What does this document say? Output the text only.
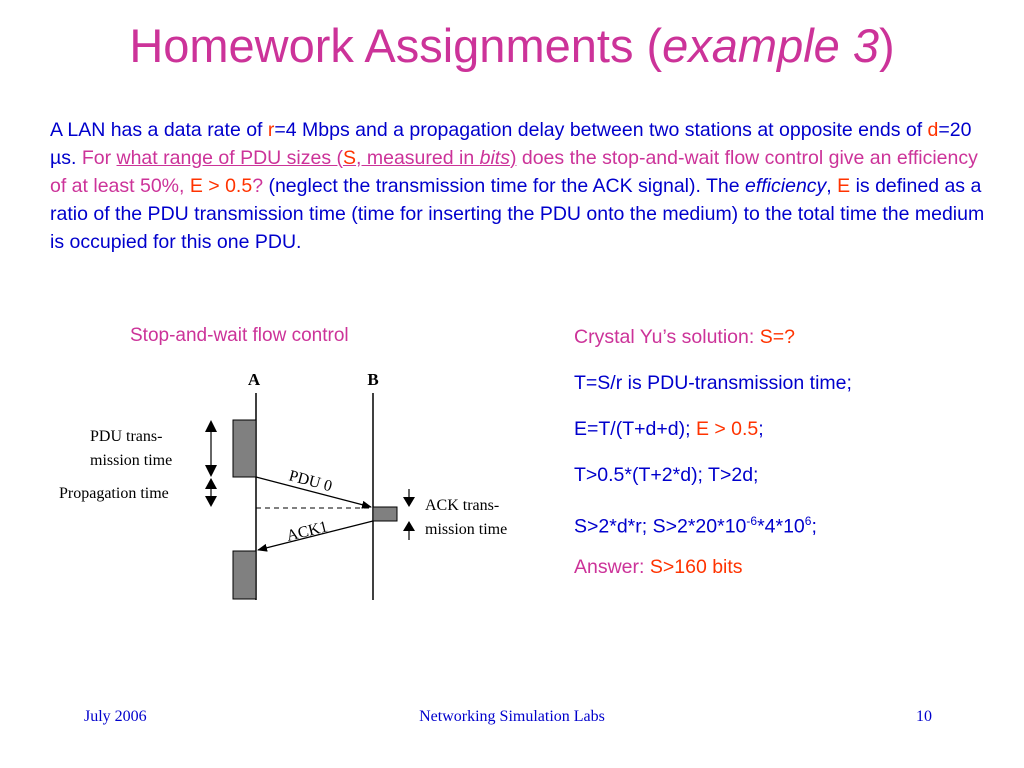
Homework Assignments (example 3)
A LAN has a data rate of r=4 Mbps and a propagation delay between two stations at opposite ends of d=20 µs. For what range of PDU sizes (S, measured in bits) does the stop-and-wait flow control give an efficiency of at least 50%, E > 0.5? (neglect the transmission time for the ACK signal). The efficiency, E is defined as a ratio of the PDU transmission time (time for inserting the PDU onto the medium) to the total time the medium is occupied for this one PDU.
Stop-and-wait flow control
A	B
PDU 0
ACK1
PDU trans-
mission time
Propagation time
ACK trans-
mission time
Crystal Yu’s solution: S=?
T=S/r is PDU-transmission time;
E=T/(T+d+d); E > 0.5;
T>0.5*(T+2*d); T>2d;
S>2*d*r; $S>2*20*10^{-6}*4*10^6$;
Answer: S>160 bits
July 2006	Networking Simulation Labs	10
